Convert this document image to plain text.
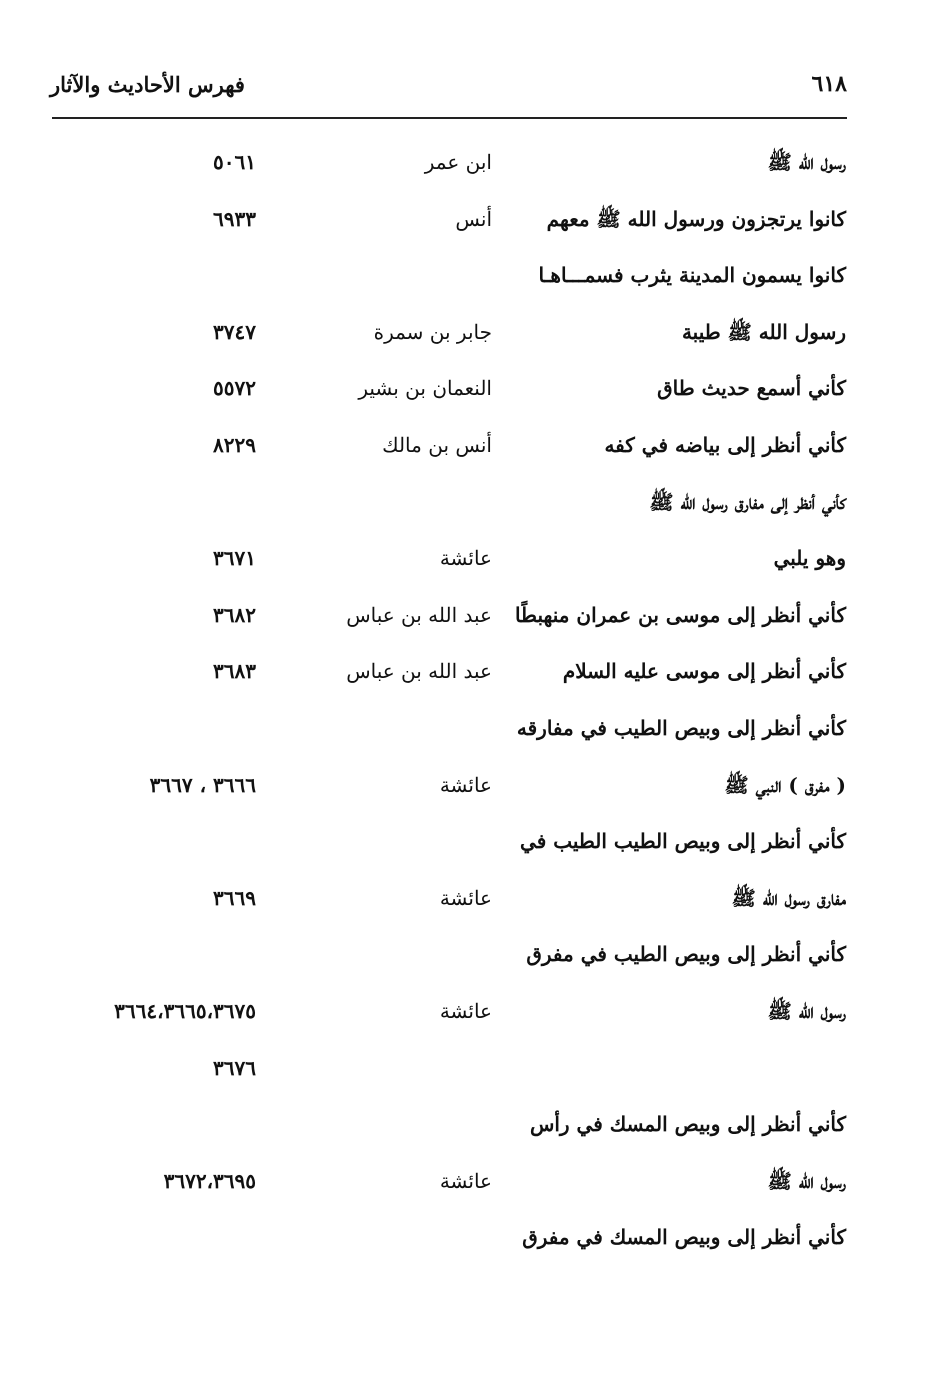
٦١٨
فهرس الأحاديث والآثار
رسول الله ﷺ
ابن عمر
٥٠٦١
كانوا يرتجزون ورسول الله ﷺ معهم
أنس
٦٩٣٣
كانوا يسمون المدينة يثرب فسمـــاهـا
رسول الله ﷺ طيبة
جابر بن سمرة
٣٧٤٧
كأني أسمع حديث طاق
النعمان بن بشير
٥٥٧٢
كأني أنظر إلى بياضه في كفه
أنس بن مالك
٨٢٢٩
كأني أنظر إلى مفارق رسول الله ﷺ
وهو يلبي
عائشة
٣٦٧١
كأني أنظر إلى موسى بن عمران منهبطًا
عبد الله بن عباس
٣٦٨٢
كأني أنظر إلى موسى عليه السلام
عبد الله بن عباس
٣٦٨٣
كأني أنظر إلى وبيص الطيب في مفارقه
( مفرق ) النبي ﷺ
عائشة
٣٦٦٦ ، ٣٦٦٧
كأني أنظر إلى وبيص الطيب الطيب في
مفارق رسول الله ﷺ
عائشة
٣٦٦٩
كأني أنظر إلى وبيص الطيب في مفرق
رسول الله ﷺ
عائشة
٣٦٦٤،٣٦٦٥،٣٦٧٥
٣٦٧٦
كأني أنظر إلى وبيص المسك في رأس
رسول الله ﷺ
عائشة
٣٦٧٢،٣٦٩٥
كأني أنظر إلى وبيص المسك في مفرق
